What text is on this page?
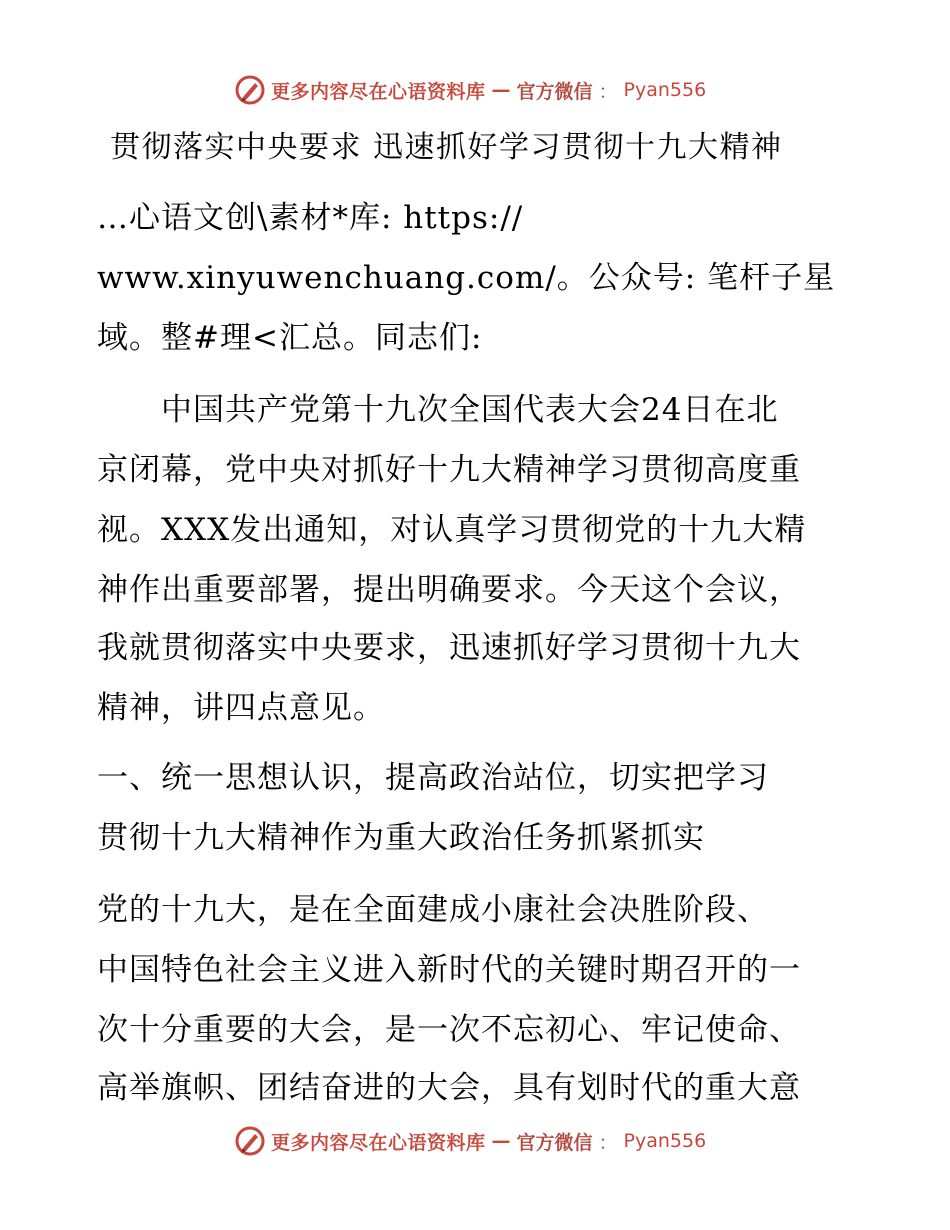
更多内容尽在心语资料库 — 官方微信 ： Pyan556
贯彻落实中央要求 迅速抓好学习贯彻十九大精神
…心语文创\素材*库: https://
www.xinyuwenchuang.com/。公众号: 笔杆子星
域。整#理<汇总。同志们:
　　中国共产党第十九次全国代表大会24日在北
京闭幕，党中央对抓好十九大精神学习贯彻高度重
视。XXX发出通知，对认真学习贯彻党的十九大精
神作出重要部署，提出明确要求。今天这个会议，
我就贯彻落实中央要求，迅速抓好学习贯彻十九大
精神，讲四点意见。
一、统一思想认识，提高政治站位，切实把学习
贯彻十九大精神作为重大政治任务抓紧抓实
党的十九大，是在全面建成小康社会决胜阶段、
中国特色社会主义进入新时代的关键时期召开的一
次十分重要的大会，是一次不忘初心、牢记使命、
高举旗帜、团结奋进的大会，具有划时代的重大意
更多内容尽在心语资料库 — 官方微信 ： Pyan556
